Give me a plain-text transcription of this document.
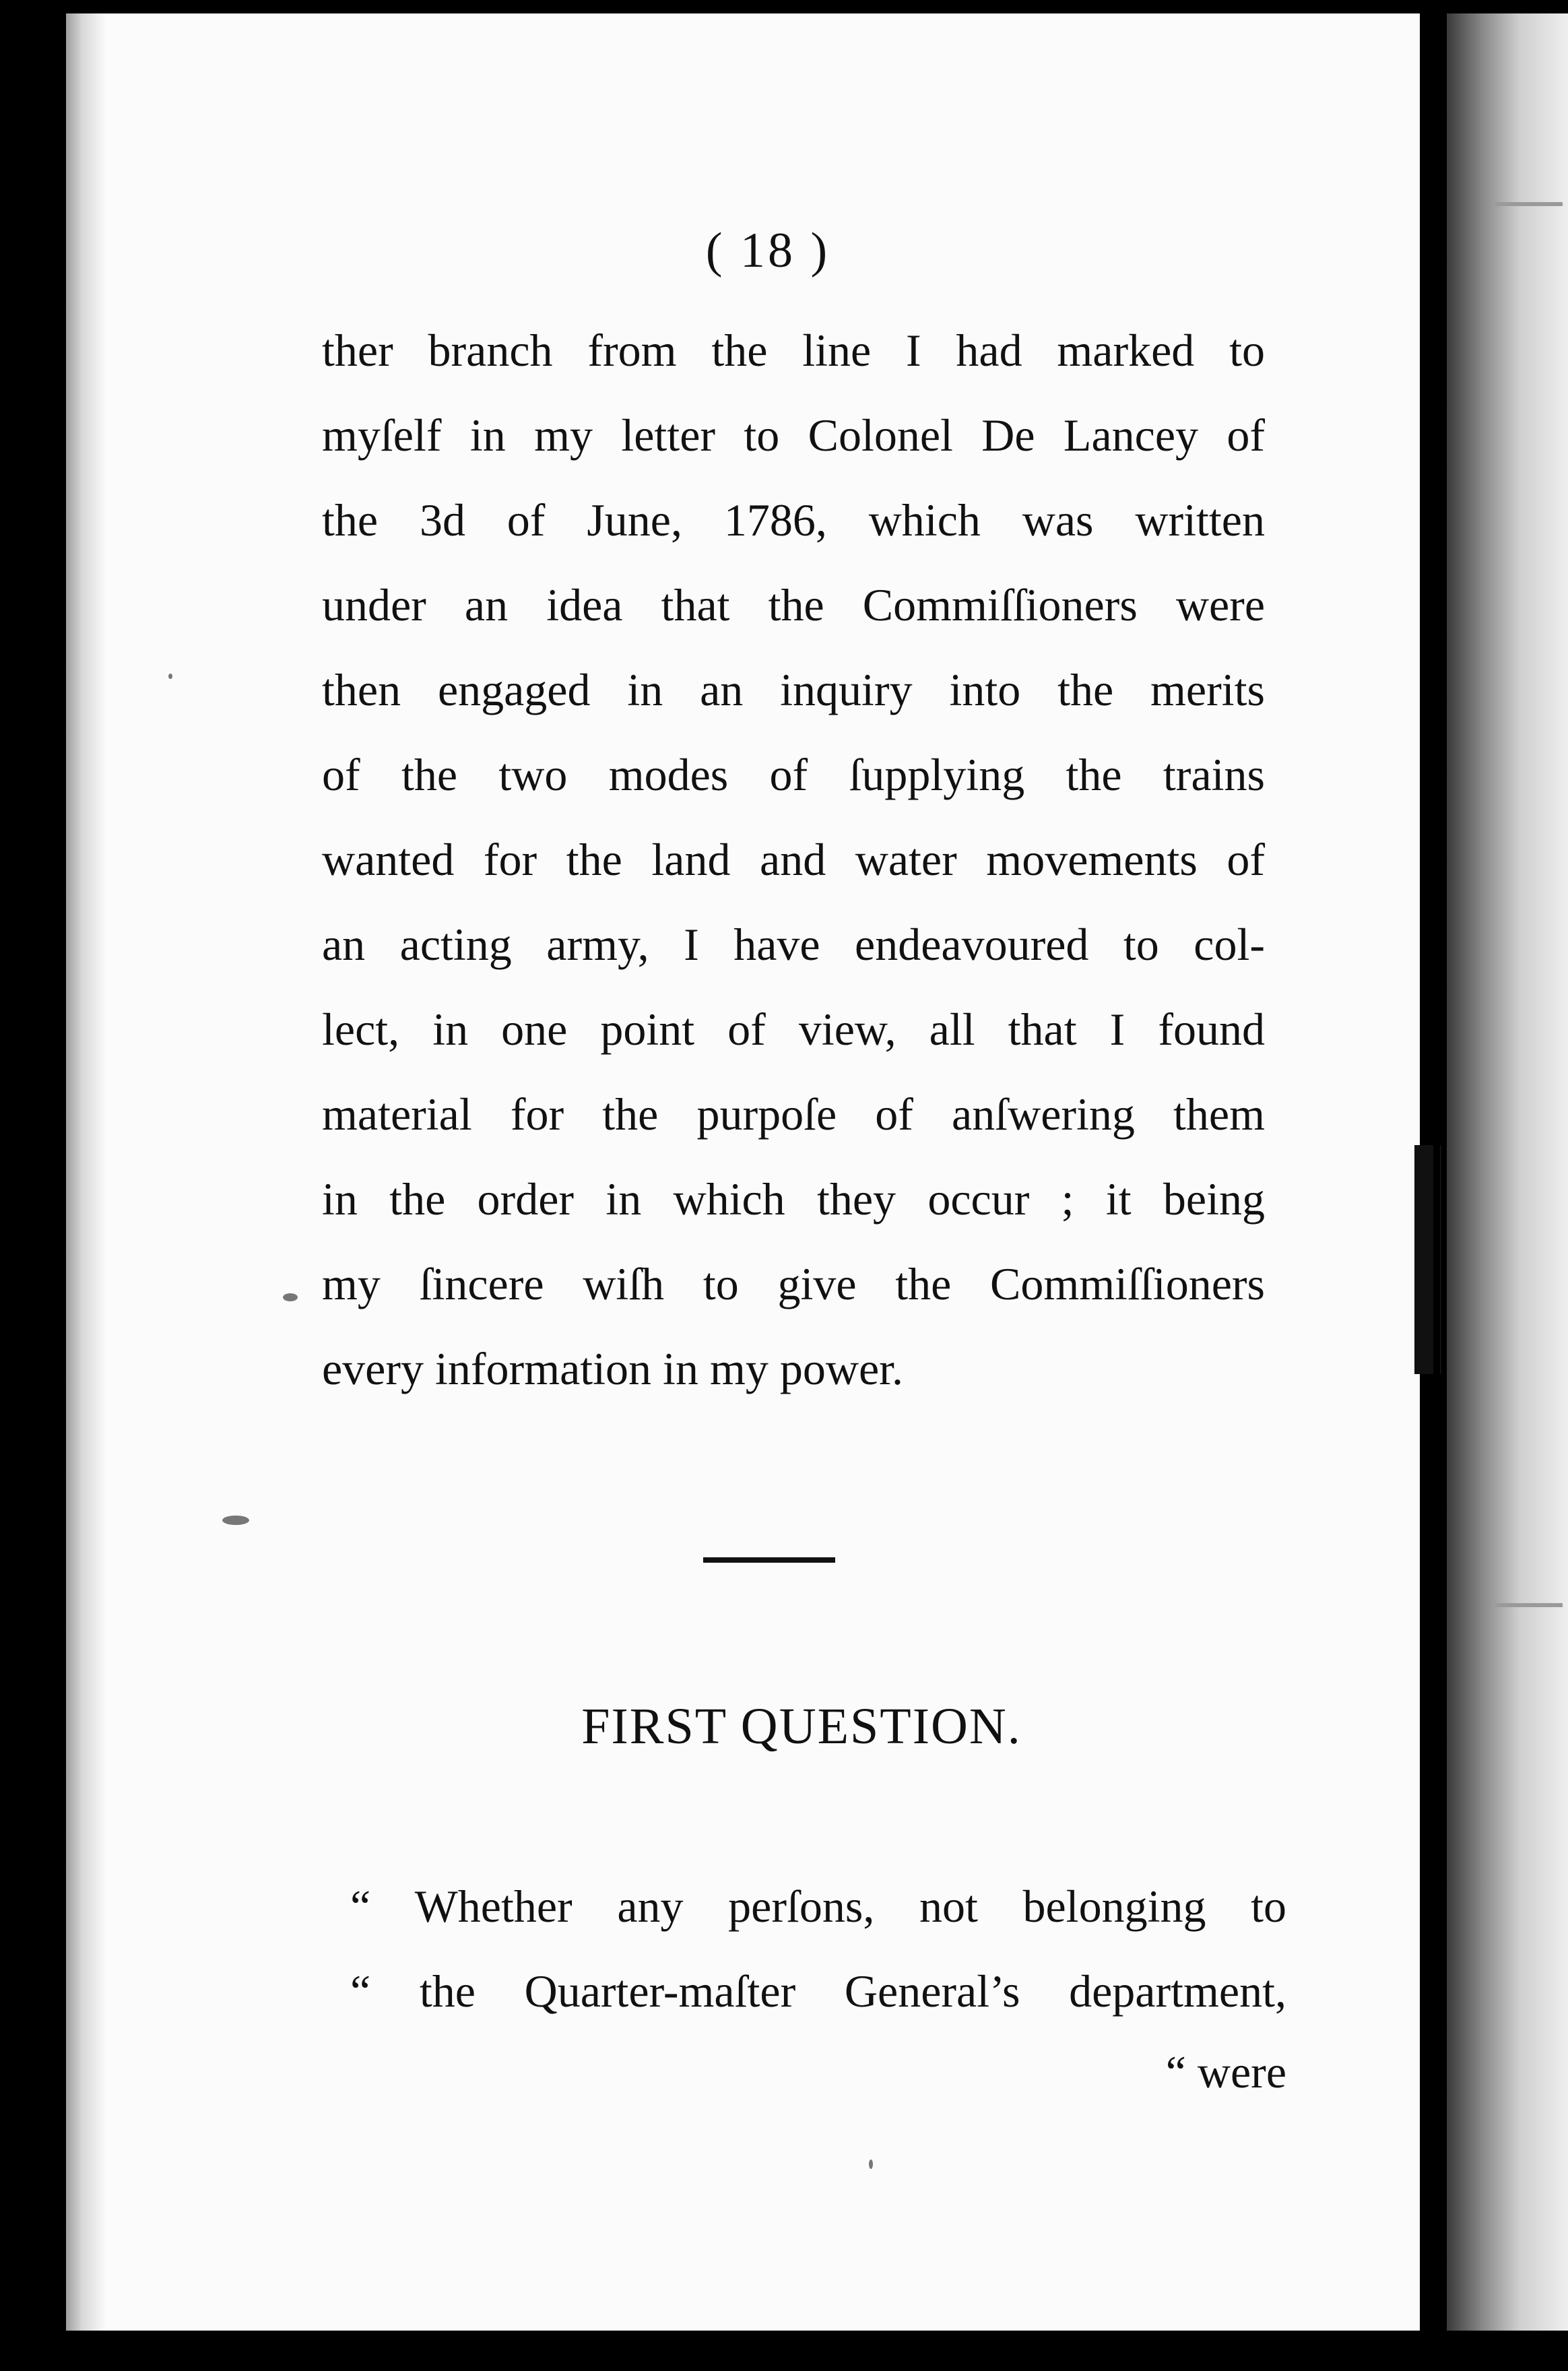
( 18 )
ther branch from the line I had marked to
myſelf in my letter to Colonel De Lancey of
the 3d of June, 1786, which was written
under an idea that the Commiſſioners were
then engaged in an inquiry into the merits
of the two modes of ſupplying the trains
wanted for the land and water movements of
an acting army, I have endeavoured to col-
lect, in one point of view, all that I found
material for the purpoſe of anſwering them
in the order in which they occur ; it being
my ſincere wiſh to give the Commiſſioners
every information in my power.
FIRST QUESTION.
“ Whether any perſons, not belonging to
“ the Quarter-maſter General’s department,
“ were
